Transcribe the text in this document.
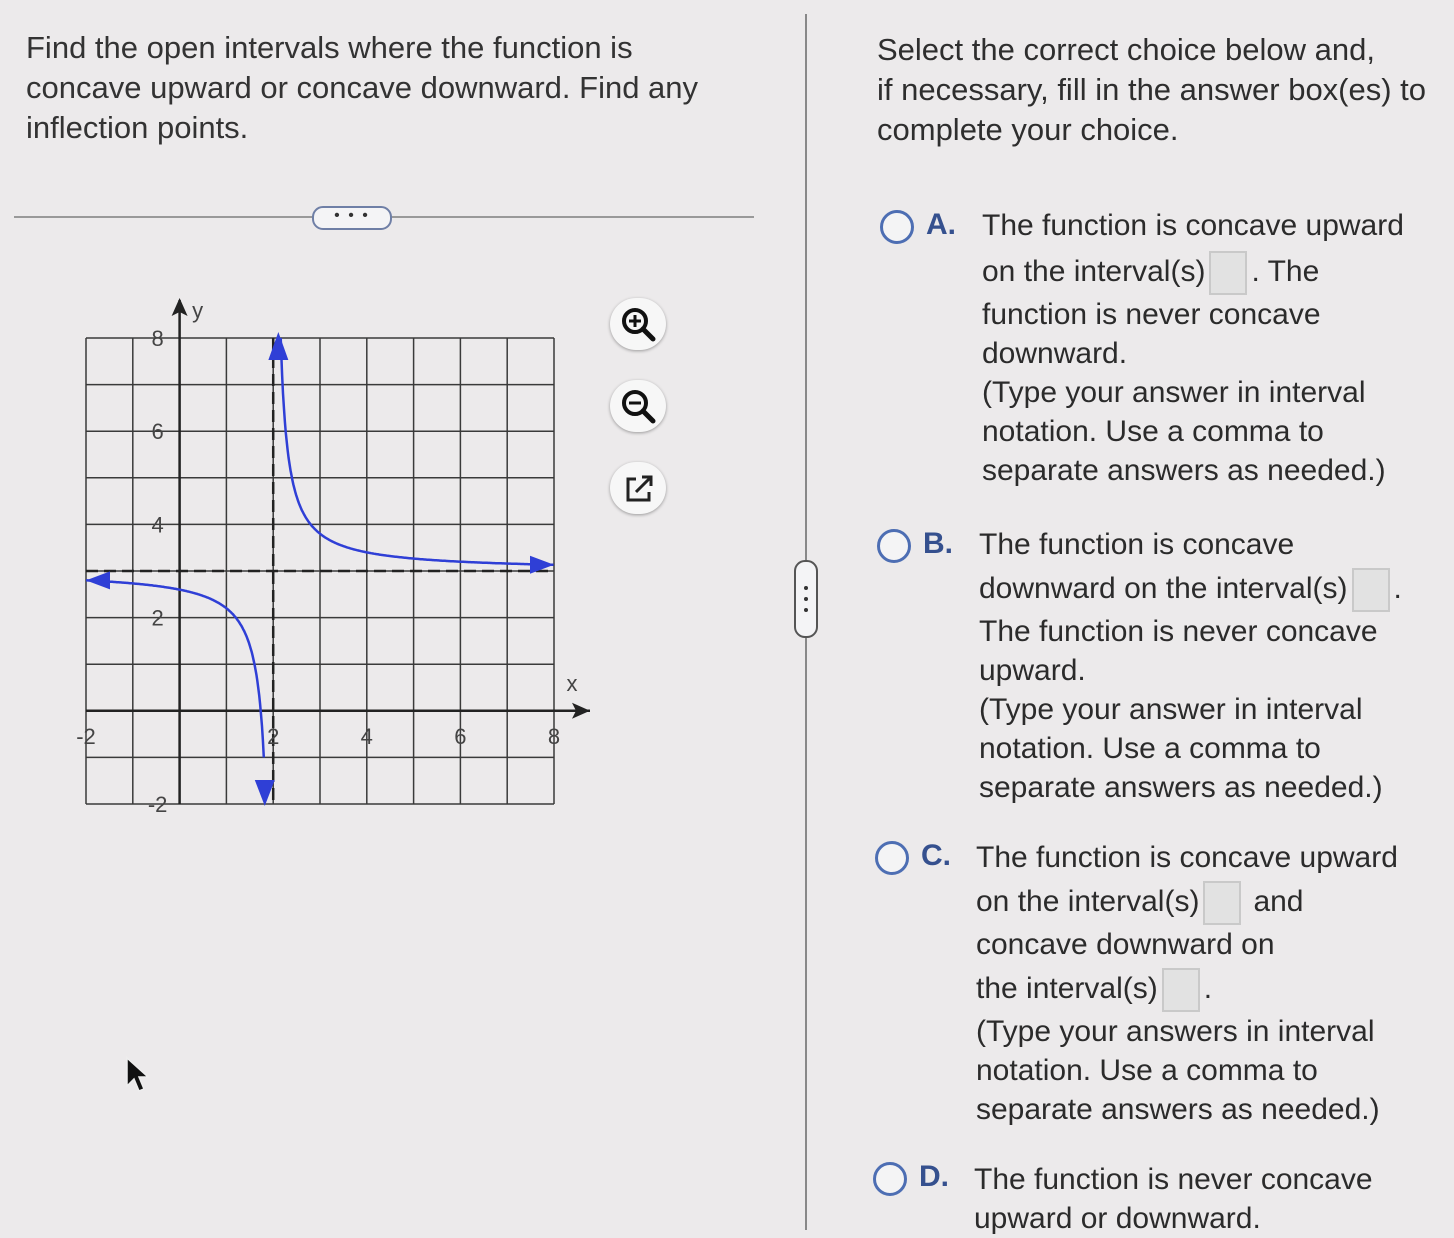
Find the open intervals where the function is
concave upward or concave downward. Find any
inflection points.
• • •
-2	2	4	6	8
8
6
4
2
-2
x
y
Select the correct choice below and,
if necessary, fill in the answer box(es) to
complete your choice.
A. The function is concave upward
on the interval(s) . The
function is never concave
downward.
(Type your answer in interval
notation. Use a comma to
separate answers as needed.)
B. The function is concave
downward on the interval(s) .
The function is never concave
upward.
(Type your answer in interval
notation. Use a comma to
separate answers as needed.)
C. The function is concave upward
on the interval(s) and
concave downward on
the interval(s) .
(Type your answers in interval
notation. Use a comma to
separate answers as needed.)
D. The function is never concave
upward or downward.
